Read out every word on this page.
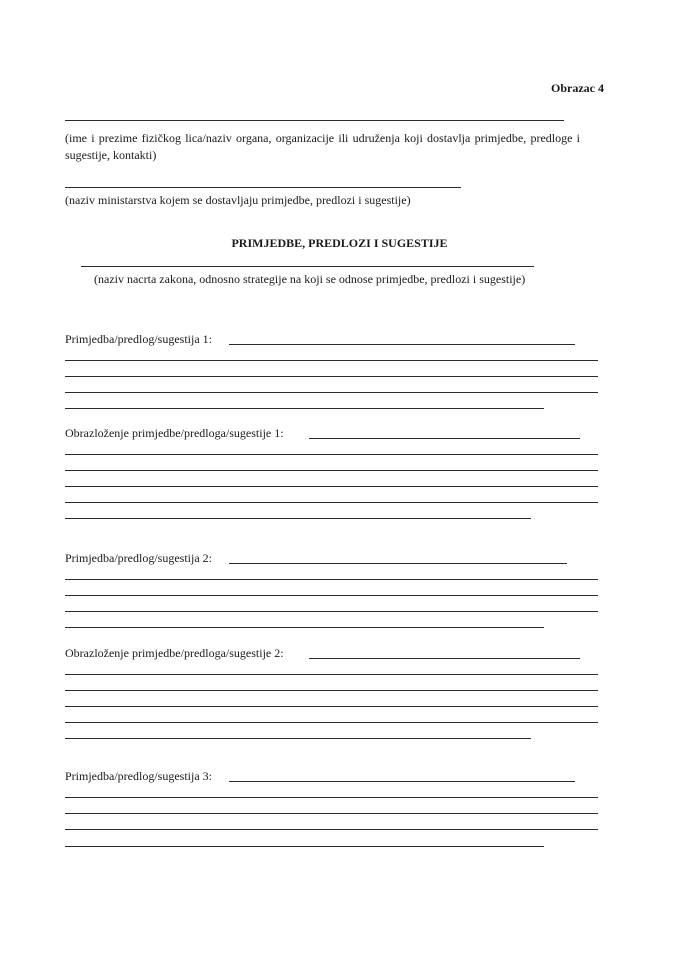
Obrazac 4
(ime i prezime fizičkog lica/naziv organa, organizacije ili udruženja koji dostavlja primjedbe, predloge i sugestije, kontakti)
(naziv ministarstva kojem se dostavljaju primjedbe, predlozi i sugestije)
PRIMJEDBE, PREDLOZI I SUGESTIJE
(naziv nacrta zakona, odnosno strategije na koji se odnose primjedbe, predlozi i sugestije)
Primjedba/predlog/sugestija 1:
Obrazloženje primjedbe/predloga/sugestije 1:
Primjedba/predlog/sugestija 2:
Obrazloženje primjedbe/predloga/sugestije 2:
Primjedba/predlog/sugestija 3:
